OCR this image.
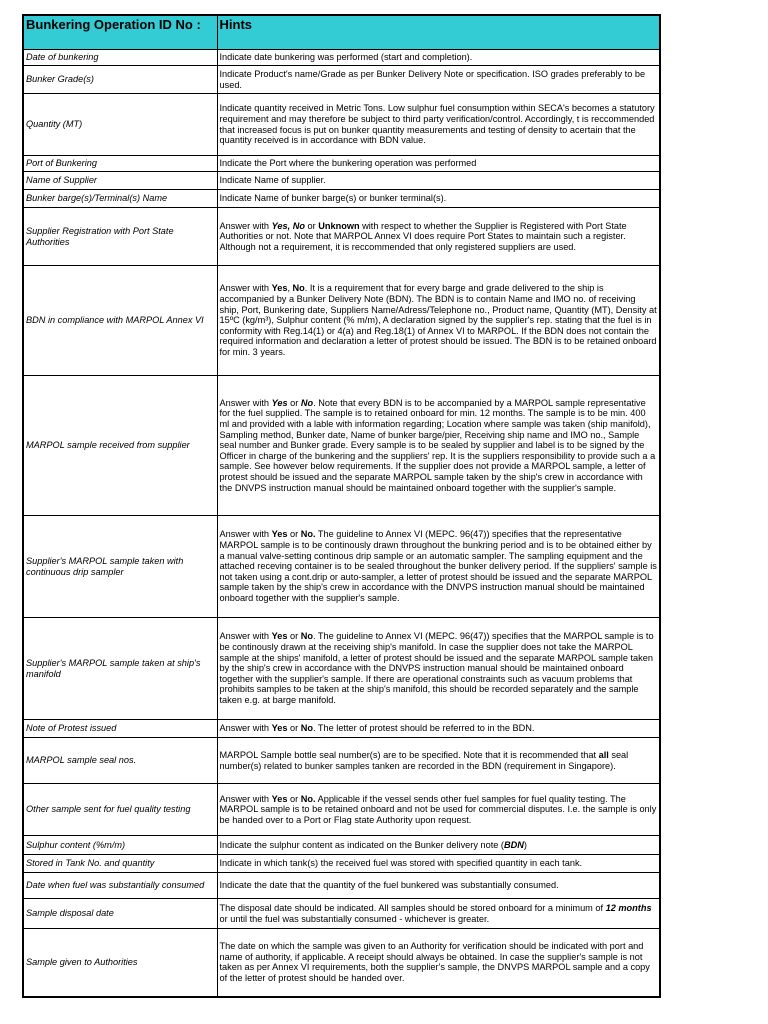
Bunkering Operation ID No :	Hints
Date of bunkering	Indicate date bunkering was performed (start and completion).
Bunker Grade(s)	Indicate Product's name/Grade as per Bunker Delivery Note or specification. ISO grades preferably to be used.
Quantity (MT)	Indicate quantity received in Metric Tons. Low sulphur fuel consumption within SECA's becomes a statutory requirement and may therefore be subject to third party verification/control. Accordingly, t is reccommended that increased focus is put on bunker quantity measurements and testing of density to acertain that the quantity received is in accordance with BDN value.
Port of Bunkering	Indicate the Port where the bunkering operation was performed
Name of Supplier	Indicate Name of supplier.
Bunker barge(s)/Terminal(s) Name	Indicate Name of bunker barge(s) or bunker terminal(s).
Supplier Registration with Port State Authorities	Answer with Yes, No or Unknown with respect to whether the Supplier is Registered with Port State Authorities or not. Note that MARPOL Annex VI does require Port States to maintain such a register. Although not a requirement, it is reccommended that only registered suppliers are used.
BDN in compliance with MARPOL Annex VI	Answer with Yes, No. It is a requirement that for every barge and grade delivered to the ship is accompanied by a Bunker Delivery Note (BDN). The BDN is to contain Name and IMO no. of receiving ship, Port, Bunkering date, Suppliers Name/Adress/Telephone no., Product name, Quantity (MT), Density at 15ºC (kg/m³), Sulphur content (% m/m), A declaration signed by the supplier's rep. stating that the fuel is in conformity with Reg.14(1) or 4(a) and Reg.18(1) of Annex VI to MARPOL. If the BDN does not contain the required information and declaration a letter of protest should be issued. The BDN is to be retained onboard for min. 3 years.
MARPOL sample received from supplier	Answer with Yes or No. Note that every BDN is to be accompanied by a MARPOL sample representative for the fuel supplied. The sample is to retained onboard for min. 12 months. The sample is to be min. 400 ml and provided with a lable with information regarding; Location where sample was taken (ship manifold), Sampling method, Bunker date, Name of bunker barge/pier, Receiving ship name and IMO no., Sample seal number and Bunker grade. Every sample is to be sealed by supplier and label is to be signed by the Officer in charge of the bunkering and the suppliers' rep. It is the suppliers responsibility to provide such a a sample. See however below requirements. If the supplier does not provide a MARPOL sample, a letter of protest should be issued and the separate MARPOL sample taken by the ship's crew in accordance with the DNVPS instruction manual should be maintained onboard together with the supplier's sample.
Supplier's MARPOL sample taken with continuous drip sampler	Answer with Yes or No. The guideline to Annex VI (MEPC. 96(47)) specifies that the representative MARPOL sample is to be continously drawn throughout the bunkring period and is to be obtained either by a manual valve-setting continous drip sample or an automatic sampler. The sampling equipment and the attached receving container is to be sealed throughout the bunker delivery period. If the suppliers' sample is not taken using a cont.drip or auto-sampler, a letter of protest should be issued and the separate MARPOL sample taken by the ship's crew in accordance with the DNVPS instruction manual should be maintained onboard together with the supplier's sample.
Supplier's MARPOL sample taken at ship's manifold	Answer with Yes or No. The guideline to Annex VI (MEPC. 96(47)) specifies that the MARPOL sample is to be continously drawn at the receiving ship's manifold. In case the supplier does not take the MARPOL sample at the ships' manifold, a letter of protest should be issued and the separate MARPOL sample taken by the ship's crew in accordance with the DNVPS instruction manual should be maintained onboard together with the supplier's sample. If there are operational constraints such as vacuum problems that prohibits samples to be taken at the ship's manifold, this should be recorded separately and the sample taken e.g. at barge manifold.
Note of Protest issued	Answer with Yes or No. The letter of protest should be referred to in the BDN.
MARPOL sample seal nos.	MARPOL Sample bottle seal number(s) are to be specified. Note that it is recommended that all seal number(s) related to bunker samples tanken are recorded in the BDN (requirement in Singapore).
Other sample sent for fuel quality testing	Answer with Yes or No. Applicable if the vessel sends other fuel samples for fuel quality testing. The MARPOL sample is to be retained onboard and not be used for commercial disputes. I.e. the sample is only be handed over to a Port or Flag state Authority upon request.
Sulphur content (%m/m)	Indicate the sulphur content as indicated on the Bunker delivery note (BDN)
Stored in Tank No. and quantity	Indicate in which tank(s) the received fuel was stored with specified quantity in each tank.
Date when fuel was substantially consumed	Indicate the date that the quantity of the fuel bunkered was substantially consumed.
Sample disposal date	The disposal date should be indicated. All samples should be stored onboard for a minimum of 12 months or until the fuel was substantially consumed - whichever is greater.
Sample given to Authorities	The date on which the sample was given to an Authority for verification should be indicated with port and name of authority, if applicable. A receipt should always be obtained. In case the supplier's sample is not taken as per Annex VI requirements, both the supplier's sample, the DNVPS MARPOL sample and a copy of the letter of protest should be handed over.
